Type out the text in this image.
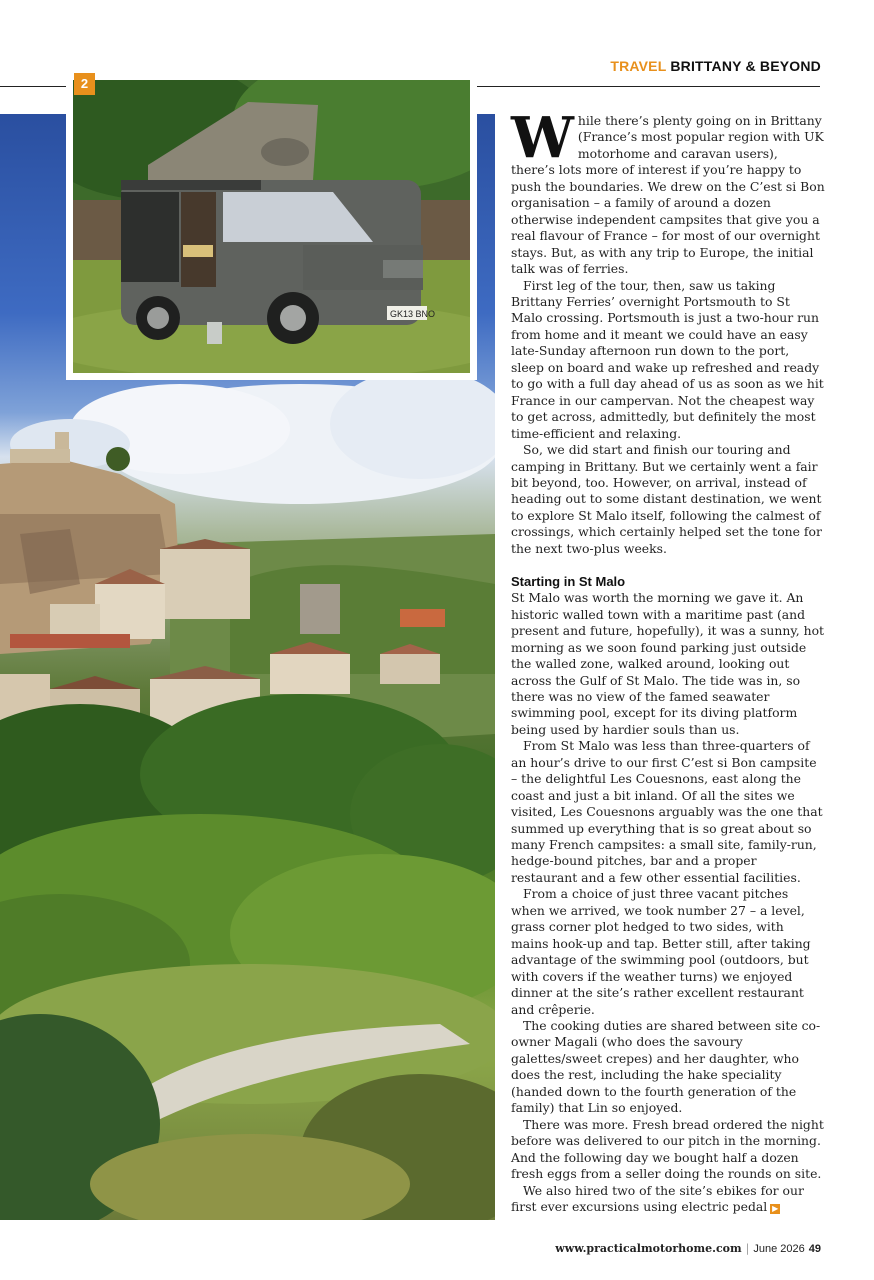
TRAVEL BRITTANY & BEYOND
GK13 BNO
2

While there’s plenty going on in Brittany (France’s most popular region with UK motorhome and caravan users), there’s lots more of interest if you’re happy to push the boundaries. We drew on the C’est si Bon organisation – a family of around a dozen otherwise independent campsites that give you a real flavour of France – for most of our overnight stays. But, as with any trip to Europe, the initial talk was of ferries.

First leg of the tour, then, saw us taking Brittany Ferries’ overnight Portsmouth to St Malo crossing. Portsmouth is just a two-hour run from home and it meant we could have an easy late-Sunday afternoon run down to the port, sleep on board and wake up refreshed and ready to go with a full day ahead of us as soon as we hit France in our campervan. Not the cheapest way to get across, admittedly, but definitely the most time-efficient and relaxing.

So, we did start and finish our touring and camping in Brittany. But we certainly went a fair bit beyond, too. However, on arrival, instead of heading out to some distant destination, we went to explore St Malo itself, following the calmest of crossings, which certainly helped set the tone for the next two-plus weeks.

Starting in St Malo

St Malo was worth the morning we gave it. An historic walled town with a maritime past (and present and future, hopefully), it was a sunny, hot morning as we soon found parking just outside the walled zone, walked around, looking out across the Gulf of St Malo. The tide was in, so there was no view of the famed seawater swimming pool, except for its diving platform being used by hardier souls than us.

From St Malo was less than three-quarters of an hour’s drive to our first C’est si Bon campsite – the delightful Les Couesnons, east along the coast and just a bit inland. Of all the sites we visited, Les Couesnons arguably was the one that summed up everything that is so great about so many French campsites: a small site, family-run, hedge-bound pitches, bar and a proper restaurant and a few other essential facilities.

From a choice of just three vacant pitches when we arrived, we took number 27 – a level, grass corner plot hedged to two sides, with mains hook-up and tap. Better still, after taking advantage of the swimming pool (outdoors, but with covers if the weather turns) we enjoyed dinner at the site’s rather excellent restaurant and crêperie.

The cooking duties are shared between site co-owner Magali (who does the savoury galettes/sweet crepes) and her daughter, who does the rest, including the hake speciality (handed down to the fourth generation of the family) that Lin so enjoyed.

There was more. Fresh bread ordered the night before was delivered to our pitch in the morning. And the following day we bought half a dozen fresh eggs from a seller doing the rounds on site.

We also hired two of the site’s ebikes for our first ever excursions using electric pedal ▶

www.practicalmotorhome.com | June 2026 49
